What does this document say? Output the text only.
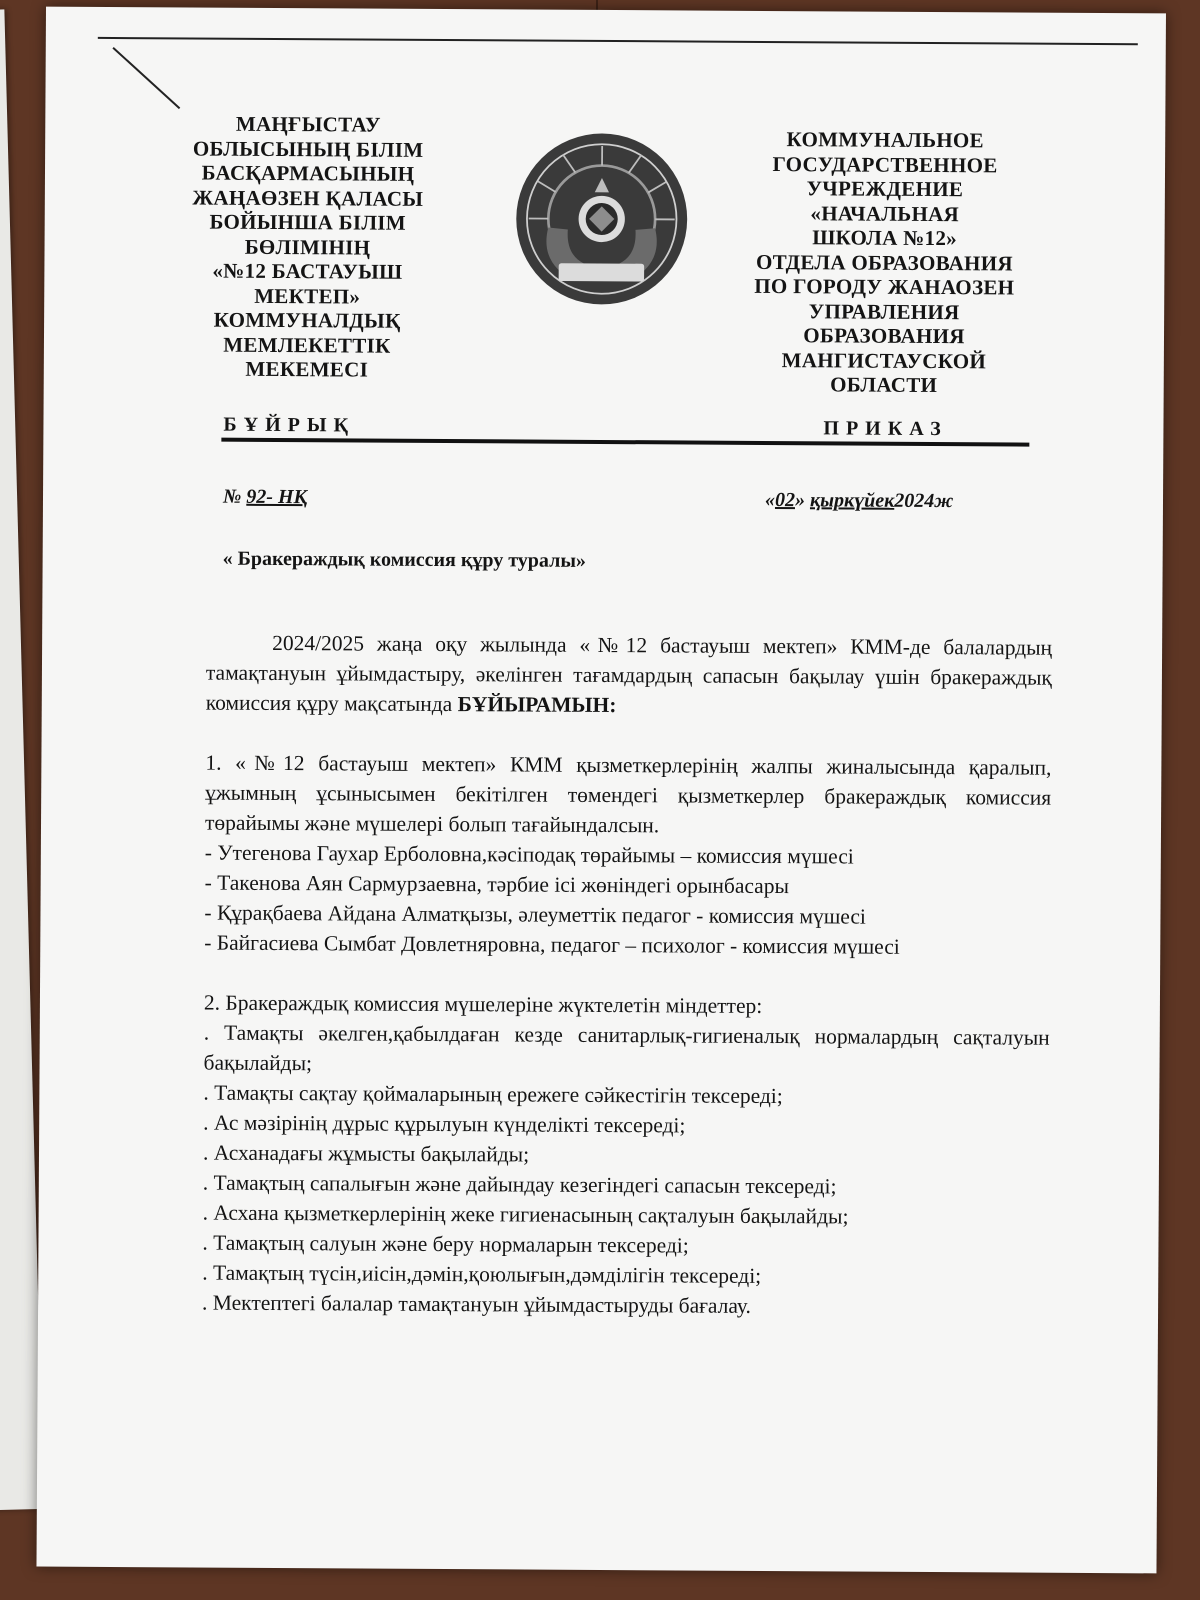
МАҢҒЫСТАУ
ОБЛЫСЫНЫҢ БІЛІМ
БАСҚАРМАСЫНЫҢ
ЖАҢАӨЗЕН ҚАЛАСЫ
БОЙЫНША БІЛІМ
БӨЛІМІНІҢ
«№12 БАСТАУЫШ
МЕКТЕП»
КОММУНАЛДЫҚ
МЕМЛЕКЕТТІК
МЕКЕМЕСІ
КОММУНАЛЬНОЕ
ГОСУДАРСТВЕННОЕ
УЧРЕЖДЕНИЕ
«НАЧАЛЬНАЯ
ШКОЛА №12»
ОТДЕЛА ОБРАЗОВАНИЯ
ПО ГОРОДУ ЖАНАОЗЕН
УПРАВЛЕНИЯ
ОБРАЗОВАНИЯ
МАНГИСТАУСКОЙ
ОБЛАСТИ
БҰЙРЫҚ	ПРИКАЗ
№ 92- НҚ	«02» қыркүйек2024ж
« Бракераждық комиссия құру туралы»

2024/2025 жаңа оқу жылында «№12 бастауыш мектеп» КММ-де балалардың тамақтануын ұйымдастыру, әкелінген тағамдардың сапасын бақылау үшін бракераждық комиссия құру мақсатында БҰЙЫРАМЫН:

1. «№12 бастауыш мектеп» КММ қызметкерлерінің жалпы жиналысында қаралып, ұжымның ұсынысымен бекітілген төмендегі қызметкерлер бракераждық комиссия төрайымы және мүшелері болып тағайындалсын.

- Утегенова Гаухар Ерболовна,кәсіподақ төрайымы – комиссия мүшесі

- Такенова Аян Сармурзаевна, тәрбие ісі жөніндегі орынбасары

- Құрақбаева Айдана Алматқызы, әлеуметтік педагог - комиссия мүшесі

- Байгасиева Сымбат Довлетняровна, педагог – психолог - комиссия мүшесі

2. Бракераждық комиссия мүшелеріне жүктелетін міндеттер:

. Тамақты әкелген,қабылдаған кезде санитарлық-гигиеналық нормалардың сақталуын бақылайды;

. Тамақты сақтау қоймаларының ережеге сәйкестігін тексереді;

. Ас мәзірінің дұрыс құрылуын күнделікті тексереді;

. Асханадағы жұмысты бақылайды;

. Тамақтың сапалығын және дайындау кезегіндегі сапасын тексереді;

. Асхана қызметкерлерінің жеке гигиенасының сақталуын бақылайды;

. Тамақтың салуын және беру нормаларын тексереді;

. Тамақтың түсін,иісін,дәмін,қоюлығын,дәмділігін тексереді;

. Мектептегі балалар тамақтануын ұйымдастыруды бағалау.
